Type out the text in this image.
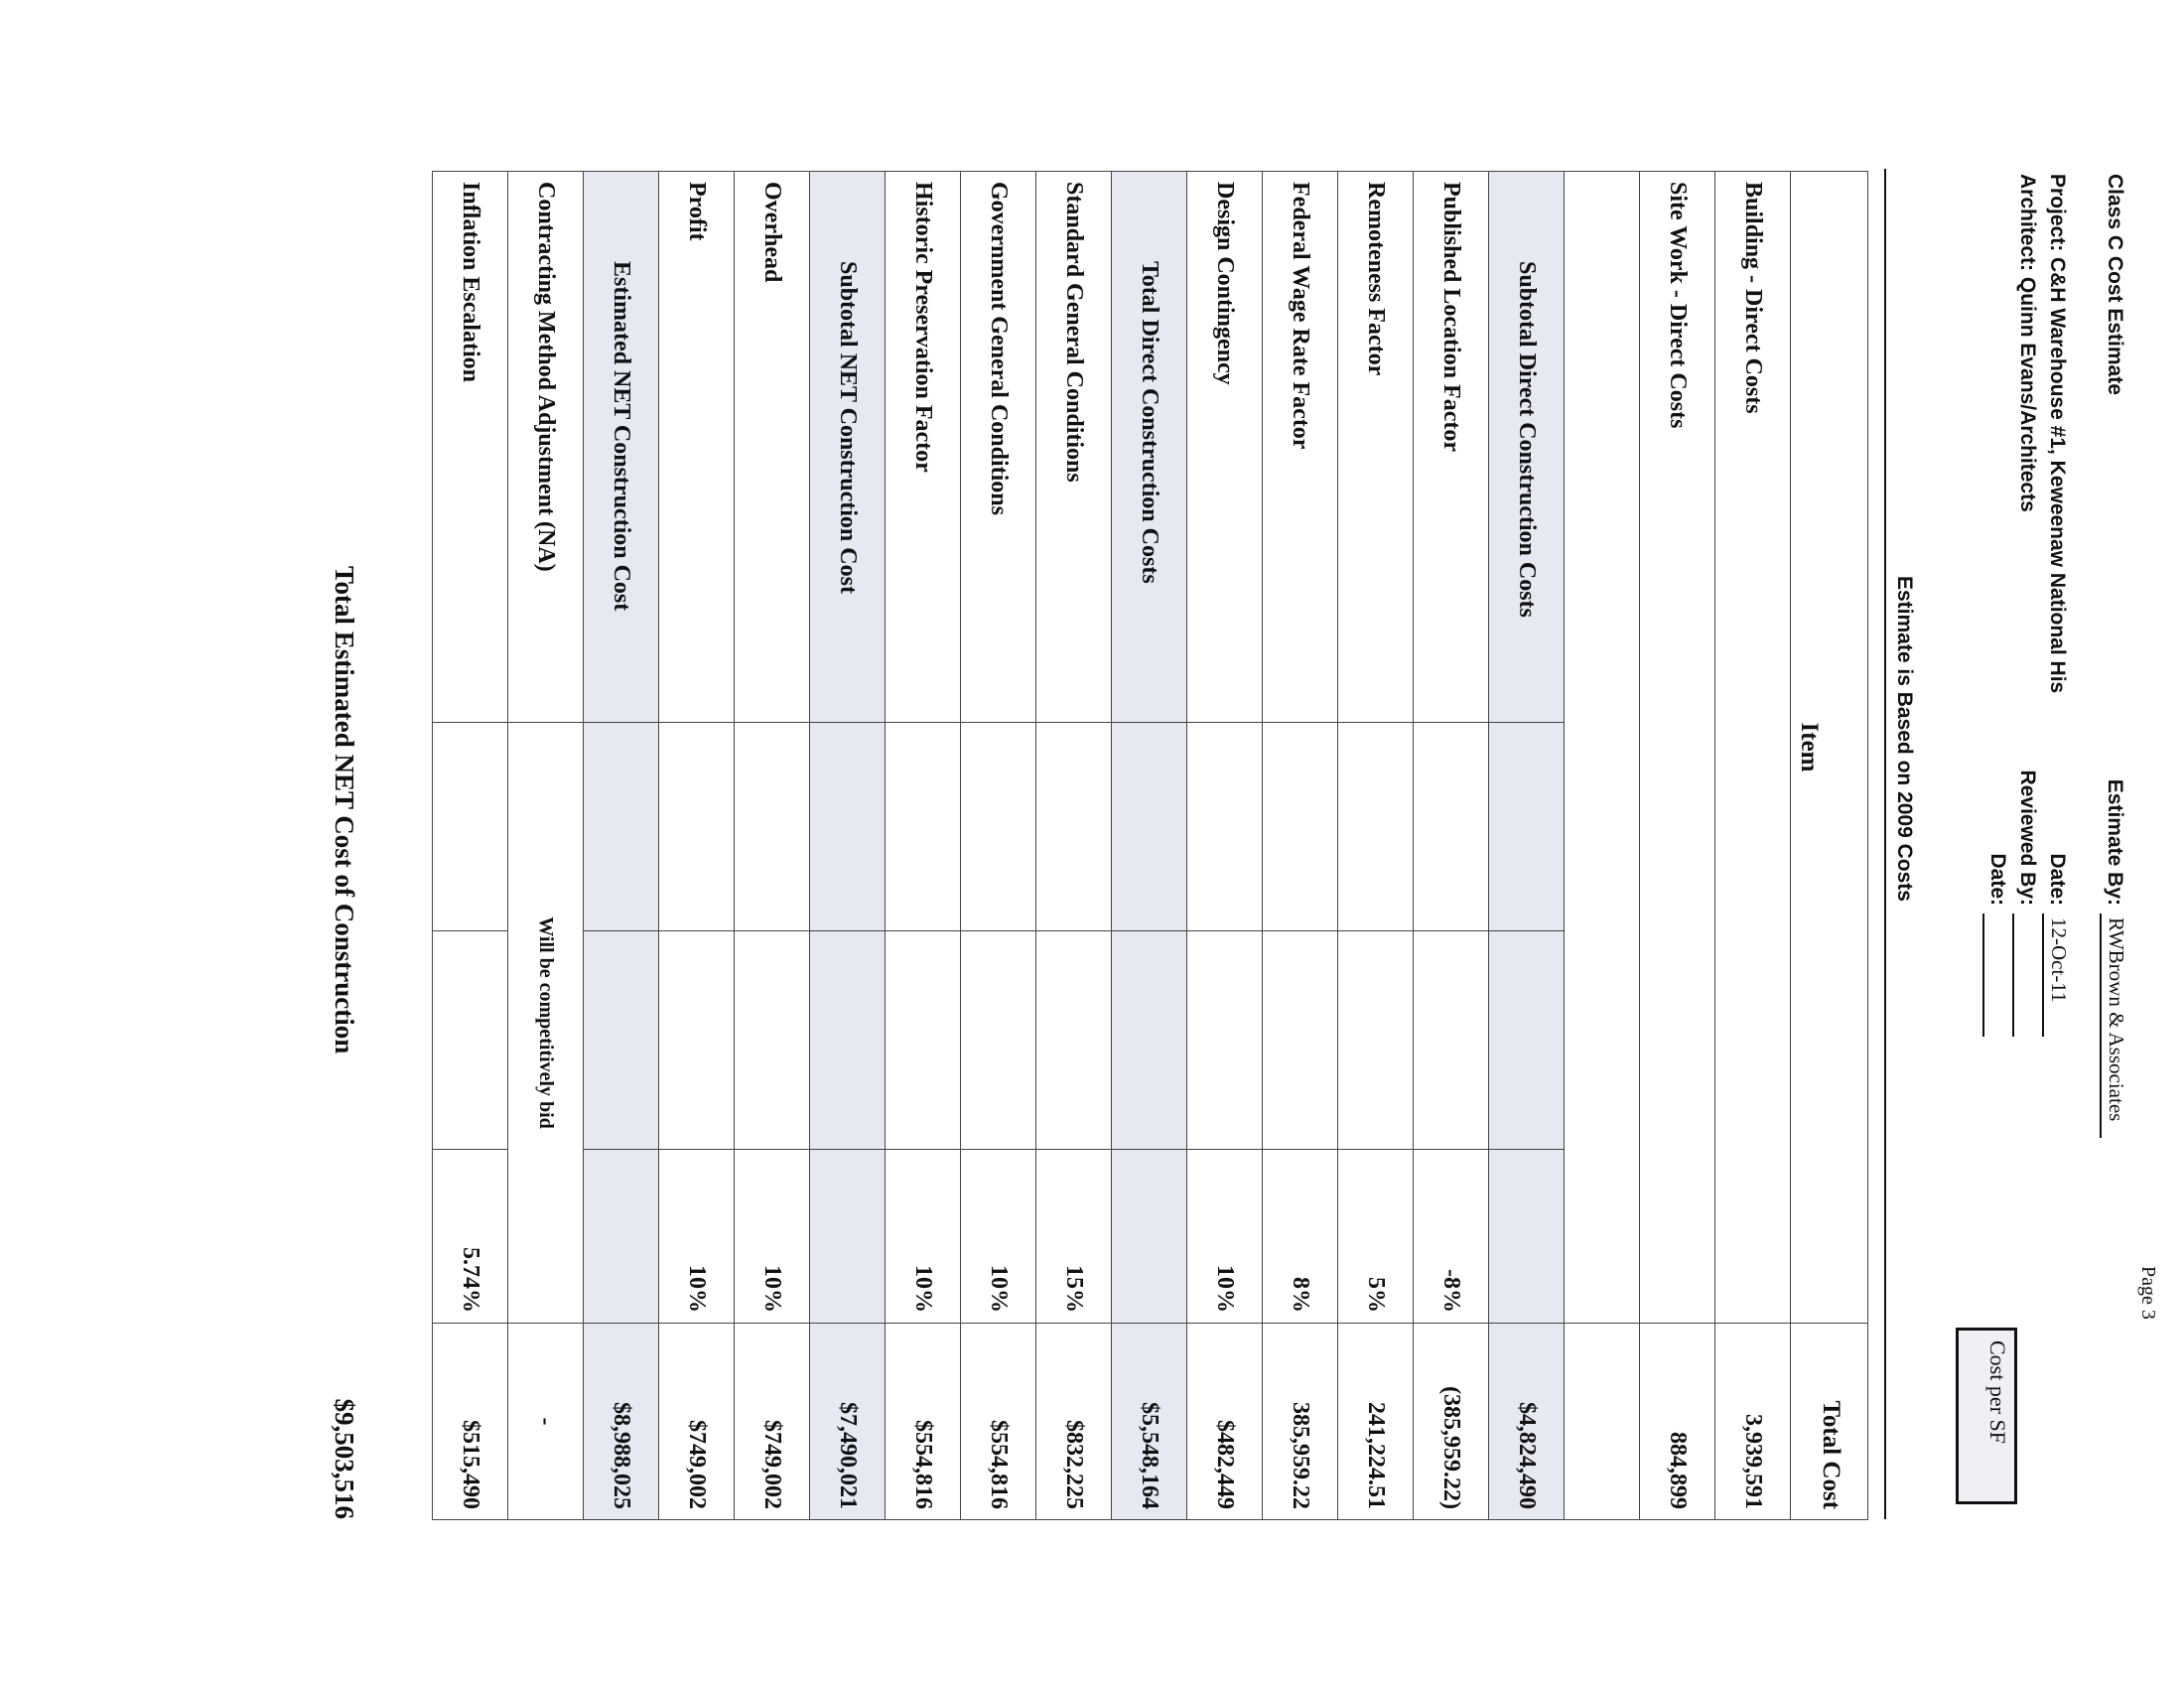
Page 3
Class C Cost Estimate
Project: C&H Warehouse #1, Keweenaw National His
Architect: Quinn Evans/Architects
Estimate By:
RWBrown & Associates
Date:
12-Oct-11
Reviewed By:
Date:
Cost per SF
Estimate is Based on 2009 Costs
Item				Total Cost
Building - Direct Costs				3,939,591
Site Work - Direct Costs				884,899

Subtotal Direct Construction Costs				$4,824,490
Published Location Factor			-8%	(385,959.22)
Remoteness Factor			5%	241,224.51
Federal Wage Rate Factor			8%	385,959.22
Design Contingency			10%	$482,449
Total Direct Construction Costs				$5,548,164
Standard General Conditions			15%	$832,225
Government General Conditions			10%	$554,816
Historic Preservation Factor			10%	$554,816
Subtotal NET Construction Cost				$7,490,021
Overhead			10%	$749,002
Profit			10%	$749,002
Estimated NET Construction Cost				$8,988,025
Contracting Method Adjustment (NA)	Will be competitively bid			-
Inflation Escalation			5.74%	$515,490
Total Estimated NET Cost of Construction
$9,503,516
